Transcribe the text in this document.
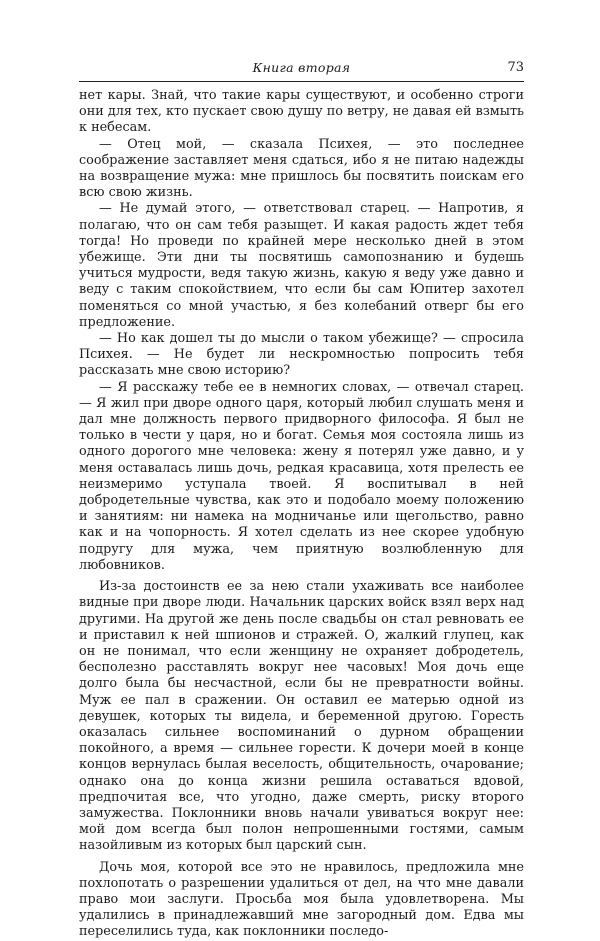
Книга вторая	73

нет кары. Знай, что такие кары существуют, и особенно строги они для тех, кто пускает свою душу по ветру, не давая ей взмыть к небесам.

— Отец мой, — сказала Психея, — это последнее соображение заставляет меня сдаться, ибо я не питаю надежды на возвращение мужа: мне пришлось бы посвятить поискам его всю свою жизнь.

— Не думай этого, — ответствовал старец. — Напротив, я полагаю, что он сам тебя разыщет. И какая радость ждет тебя тогда! Но проведи по крайней мере несколько дней в этом убежище. Эти дни ты посвятишь самопознанию и будешь учиться мудрости, ведя такую жизнь, какую я веду уже давно и веду с таким спокойствием, что если бы сам Юпитер захотел поменяться со мной участью, я без колебаний отверг бы его предложение.

— Но как дошел ты до мысли о таком убежище? — спросила Психея. — Не будет ли нескромностью попросить тебя рассказать мне свою историю?

— Я расскажу тебе ее в немногих словах, — отвечал старец. — Я жил при дворе одного царя, который любил слушать меня и дал мне должность первого придворного философа. Я был не только в чести у царя, но и богат. Семья моя состояла лишь из одного дорогого мне человека: жену я потерял уже давно, и у меня оставалась лишь дочь, редкая красавица, хотя прелесть ее неизмеримо уступала твоей. Я воспитывал в ней добродетельные чувства, как это и подобало моему положению и занятиям: ни намека на модничанье или щегольство, равно как и на чопорность. Я хотел сделать из нее скорее удобную подругу для мужа, чем приятную возлюбленную для любовников.

Из-за достоинств ее за нею стали ухаживать все наиболее видные при дворе люди. Начальник царских войск взял верх над другими. На другой же день после свадьбы он стал ревновать ее и приставил к ней шпионов и стражей. О, жалкий глупец, как он не понимал, что если женщину не охраняет добродетель, бесполезно расставлять вокруг нее часовых! Моя дочь еще долго была бы несчастной, если бы не превратности войны. Муж ее пал в сражении. Он оставил ее матерью одной из девушек, которых ты видела, и беременной другою. Горесть оказалась сильнее воспоминаний о дурном обращении покойного, а время — сильнее горести. К дочери моей в конце концов вернулась былая веселость, общительность, очарование; однако она до конца жизни решила оставаться вдовой, предпочитая все, что угодно, даже смерть, риску второго замужества. Поклонники вновь начали увиваться вокруг нее: мой дом всегда был полон непрошенными гостями, самым назойливым из которых был царский сын.

Дочь моя, которой все это не нравилось, предложила мне похлопотать о разрешении удалиться от дел, на что мне давали право мои заслуги. Просьба моя была удовлетворена. Мы удалились в принадлежавший мне загородный дом. Едва мы переселились туда, как поклонники последо-
